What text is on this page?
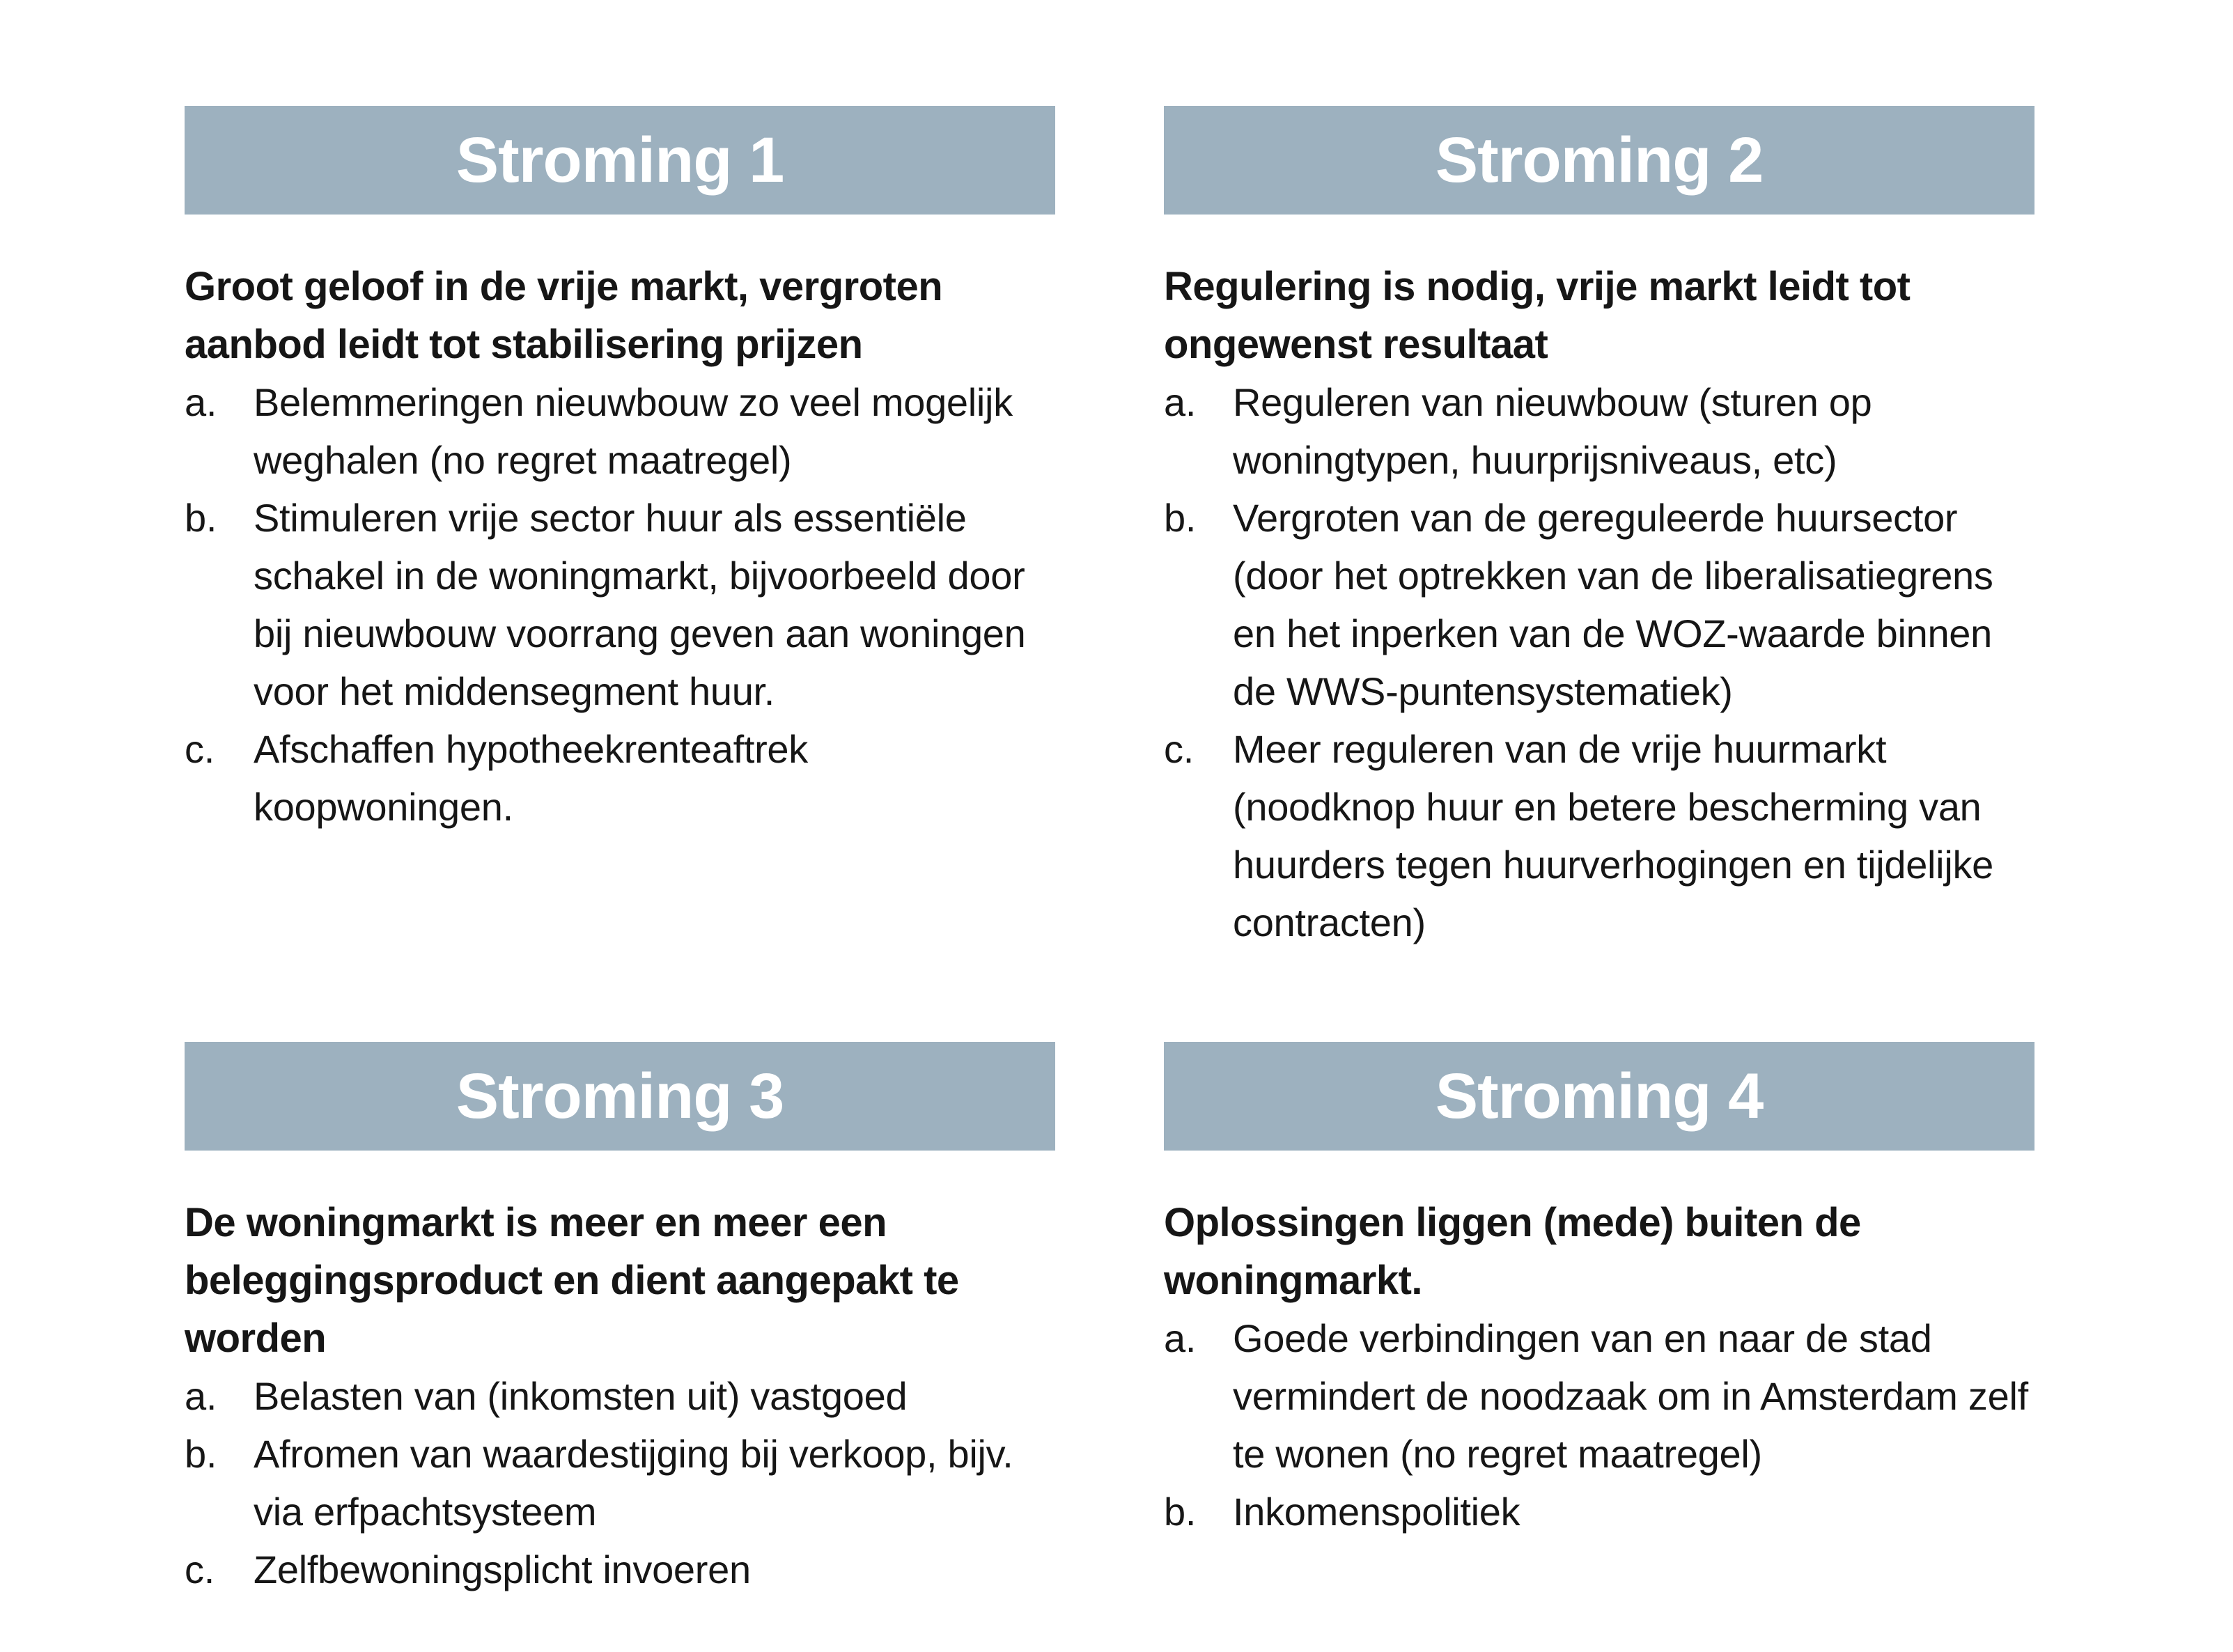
Stroming 1
Groot geloof in de vrije markt, vergroten aanbod leidt tot stabilisering prijzen
a. Belemmeringen nieuwbouw zo veel mogelijk weghalen (no regret maatregel)
b. Stimuleren vrije sector huur als essentiële schakel in de woningmarkt, bijvoorbeeld door bij nieuwbouw voorrang geven aan woningen voor het middensegment huur.
c. Afschaffen hypotheekrenteaftrek koopwoningen.
Stroming 2
Regulering is nodig, vrije markt leidt tot ongewenst resultaat
a. Reguleren van nieuwbouw (sturen op woningtypen, huurprijsniveaus, etc)
b. Vergroten van de gereguleerde huursector (door het optrekken van de liberalisatiegrens en het inperken van de WOZ-waarde binnen de WWS-puntensystematiek)
c. Meer reguleren van de vrije huurmarkt (noodknop huur en betere bescherming van huurders tegen huurverhogingen en tijdelijke contracten)
Stroming 3
De woningmarkt is meer en meer een beleggingsproduct en dient aangepakt te worden
a. Belasten van (inkomsten uit) vastgoed
b. Afromen van waardestijging bij verkoop, bijv. via erfpachtsysteem
c. Zelfbewoningsplicht invoeren
Stroming 4
Oplossingen liggen (mede) buiten de woningmarkt.
a. Goede verbindingen van en naar de stad vermindert de noodzaak om in Amsterdam zelf te wonen (no regret maatregel)
b. Inkomenspolitiek
